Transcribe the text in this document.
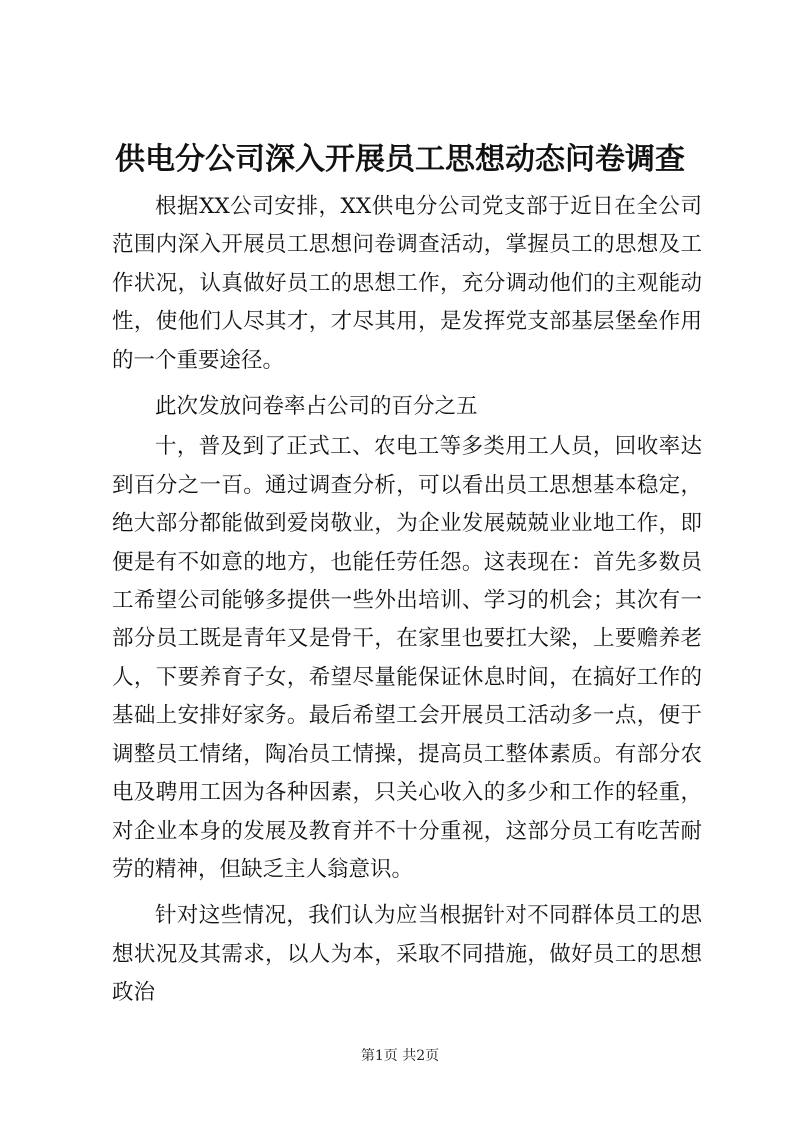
供电分公司深入开展员工思想动态问卷调查

根据XX公司安排，XX供电分公司党支部于近日在全公司范围内深入开展员工思想问卷调查活动，掌握员工的思想及工作状况，认真做好员工的思想工作，充分调动他们的主观能动性，使他们人尽其才，才尽其用，是发挥党支部基层堡垒作用的一个重要途径。

此次发放问卷率占公司的百分之五

十，普及到了正式工、农电工等多类用工人员，回收率达到百分之一百。通过调查分析，可以看出员工思想基本稳定，绝大部分都能做到爱岗敬业，为企业发展兢兢业业地工作，即便是有不如意的地方，也能任劳任怨。这表现在：首先多数员工希望公司能够多提供一些外出培训、学习的机会；其次有一部分员工既是青年又是骨干，在家里也要扛大梁，上要赡养老人，下要养育子女，希望尽量能保证休息时间，在搞好工作的基础上安排好家务。最后希望工会开展员工活动多一点，便于调整员工情绪，陶冶员工情操，提高员工整体素质。有部分农电及聘用工因为各种因素，只关心收入的多少和工作的轻重，对企业本身的发展及教育并不十分重视，这部分员工有吃苦耐劳的精神，但缺乏主人翁意识。

针对这些情况，我们认为应当根据针对不同群体员工的思想状况及其需求，以人为本，采取不同措施，做好员工的思想政治

第1页 共2页
